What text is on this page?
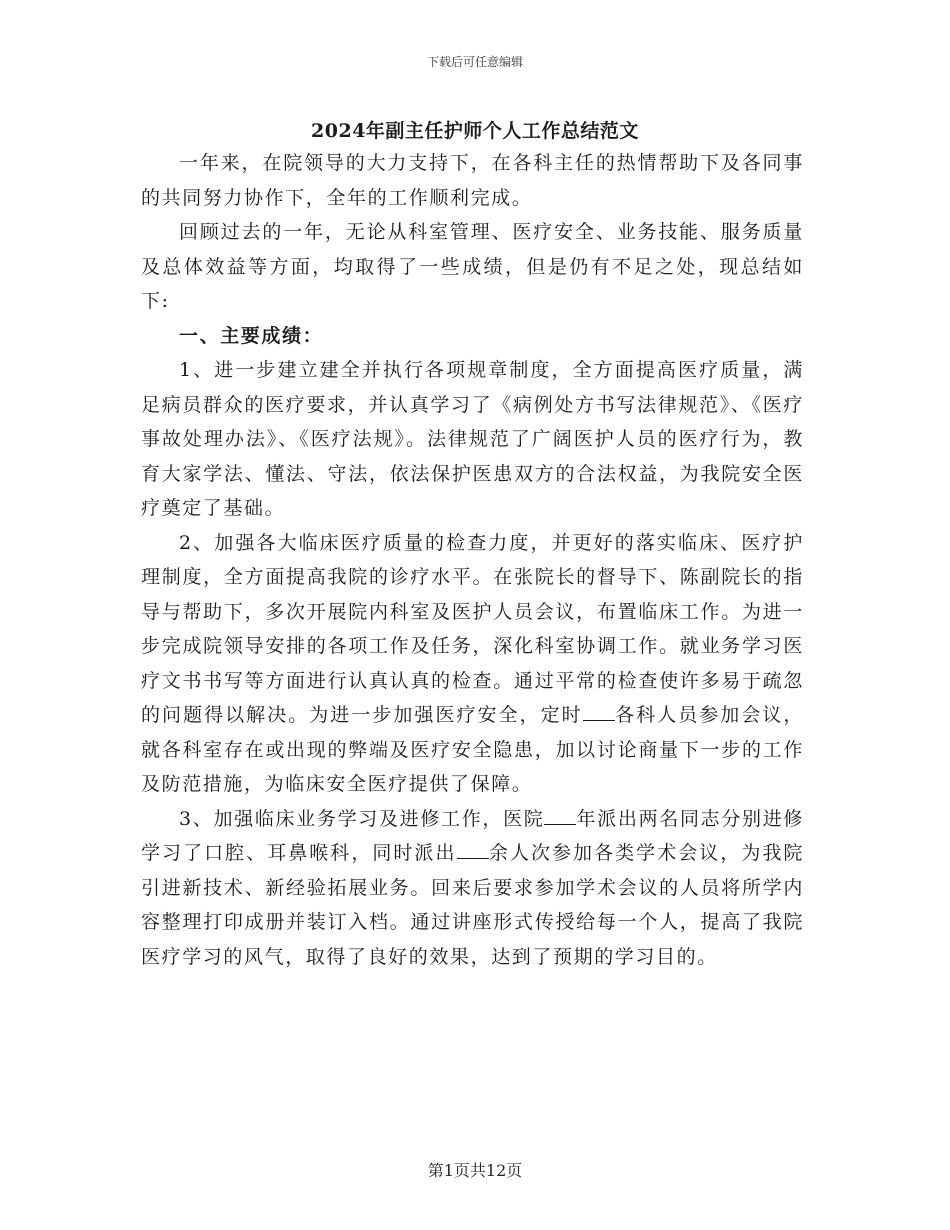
下载后可任意编辑
2024年副主任护师个人工作总结范文

一年来，在院领导的大力支持下，在各科主任的热情帮助下及各同事的共同努力协作下，全年的工作顺利完成。

回顾过去的一年，无论从科室管理、医疗安全、业务技能、服务质量及总体效益等方面，均取得了一些成绩，但是仍有不足之处，现总结如下:

一、主要成绩：

1、进一步建立建全并执行各项规章制度，全方面提高医疗质量，满足病员群众的医疗要求，并认真学习了《病例处方书写法律规范》、《医疗事故处理办法》、《医疗法规》。法律规范了广阔医护人员的医疗行为，教育大家学法、懂法、守法，依法保护医患双方的合法权益，为我院安全医疗奠定了基础。

2、加强各大临床医疗质量的检查力度，并更好的落实临床、医疗护理制度，全方面提高我院的诊疗水平。在张院长的督导下、陈副院长的指导与帮助下，多次开展院内科室及医护人员会议，布置临床工作。为进一步完成院领导安排的各项工作及任务，深化科室协调工作。就业务学习医疗文书书写等方面进行认真认真的检查。通过平常的检查使许多易于疏忽的问题得以解决。为进一步加强医疗安全，定时 各科人员参加会议，就各科室存在或出现的弊端及医疗安全隐患，加以讨论商量下一步的工作及防范措施，为临床安全医疗提供了保障。

3、加强临床业务学习及进修工作，医院 年派出两名同志分别进修学习了口腔、耳鼻喉科，同时派出 余人次参加各类学术会议，为我院引进新技术、新经验拓展业务。回来后要求参加学术会议的人员将所学内容整理打印成册并装订入档。通过讲座形式传授给每一个人，提高了我院医疗学习的风气，取得了良好的效果，达到了预期的学习目的。

第1页共12页
